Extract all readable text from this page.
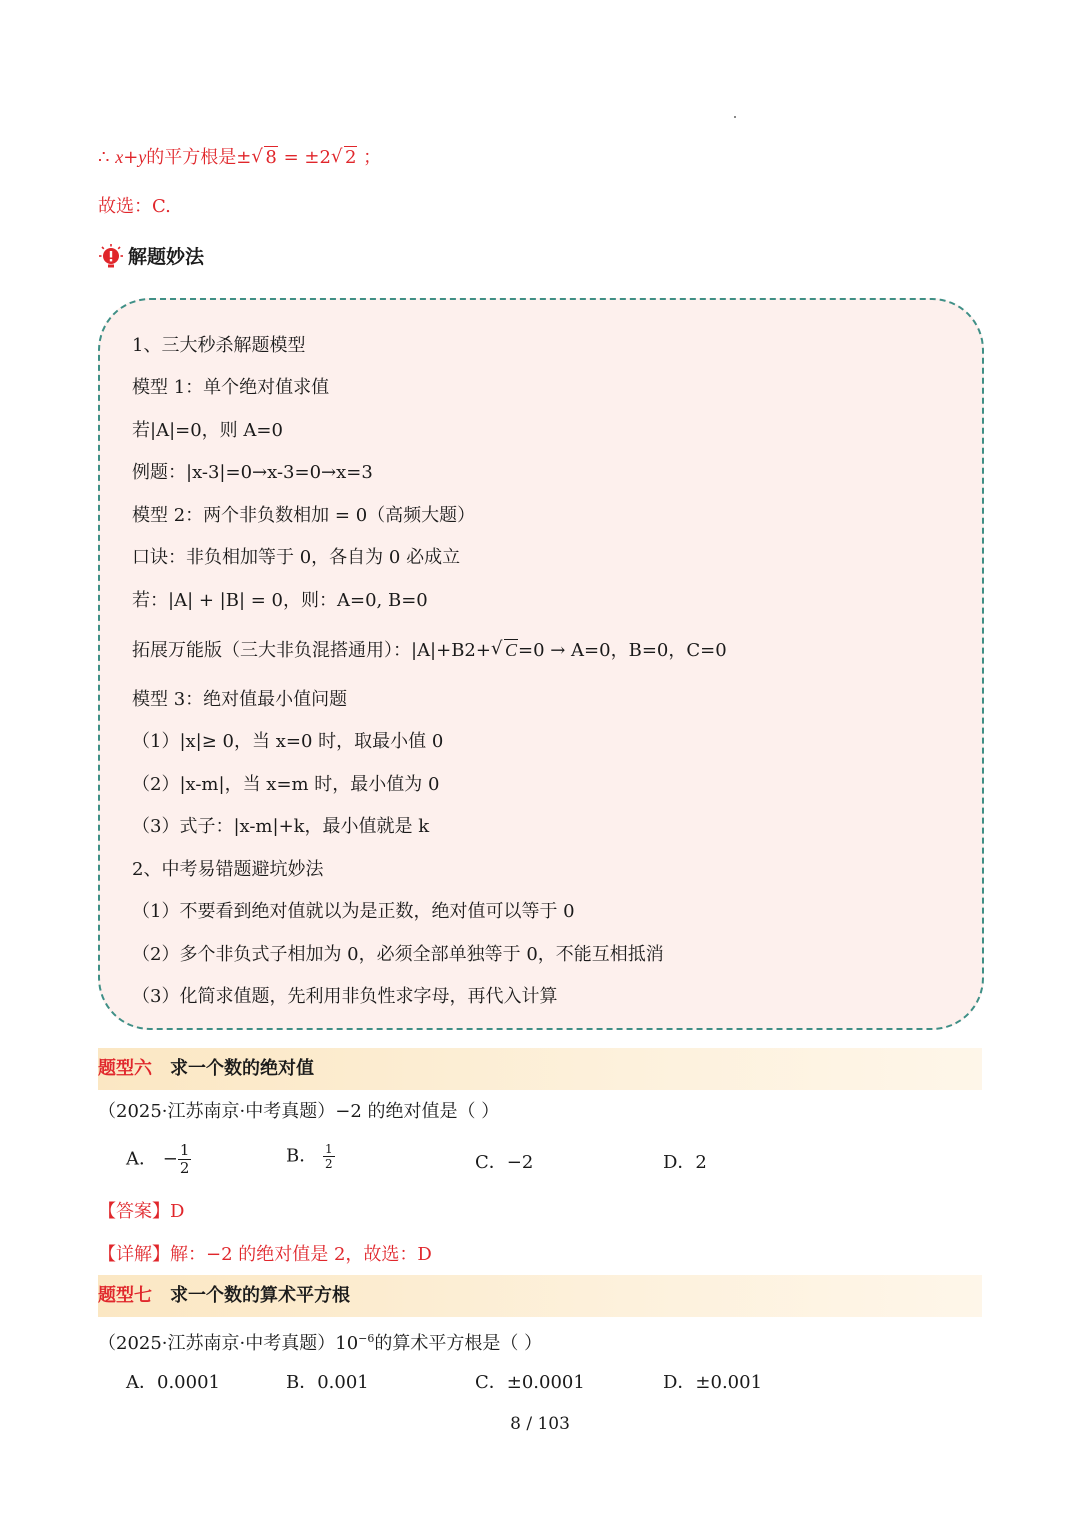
∴ x+y的平方根是± √ 8 = ±2 √ 2 ；
故选：C.
解题妙法
1、三大秒杀解题模型
模型 1：单个绝对值求值
若|A|=0，则 A=0
例题：|x-3|=0→x-3=0→x=3
模型 2：两个非负数相加 = 0（高频大题）
口诀：非负相加等于 0，各自为 0 必成立
若：|A| + |B| = 0，则：A=0, B=0
拓展万能版（三大非负混搭通用）：|A|+B2+ √ C=0 → A=0，B=0，C=0
模型 3：绝对值最小值问题
（1）|x|≥ 0，当 x=0 时，取最小值 0
（2）|x-m|，当 x=m 时，最小值为 0
（3）式子：|x-m|+k，最小值就是 k
2、中考易错题避坑妙法
（1）不要看到绝对值就以为是正数，绝对值可以等于 0
（2）多个非负式子相加为 0，必须全部单独等于 0，不能互相抵消
（3）化简求值题，先利用非负性求字母，再代入计算
题型六 求一个数的绝对值
（2025·江苏南京·中考真题）−2 的绝对值是（ ）
A． − $\frac{1}{2}$	B． $\frac{1}{2}$	C．−2	D．2
【答案】D
【详解】解：−2 的绝对值是 2，故选：D
题型七 求一个数的算术平方根
（2025·江苏南京·中考真题）$10^{-6}$的算术平方根是（ ）
A．0.0001	B．0.001	C．±0.0001	D．±0.001
8 / 103
